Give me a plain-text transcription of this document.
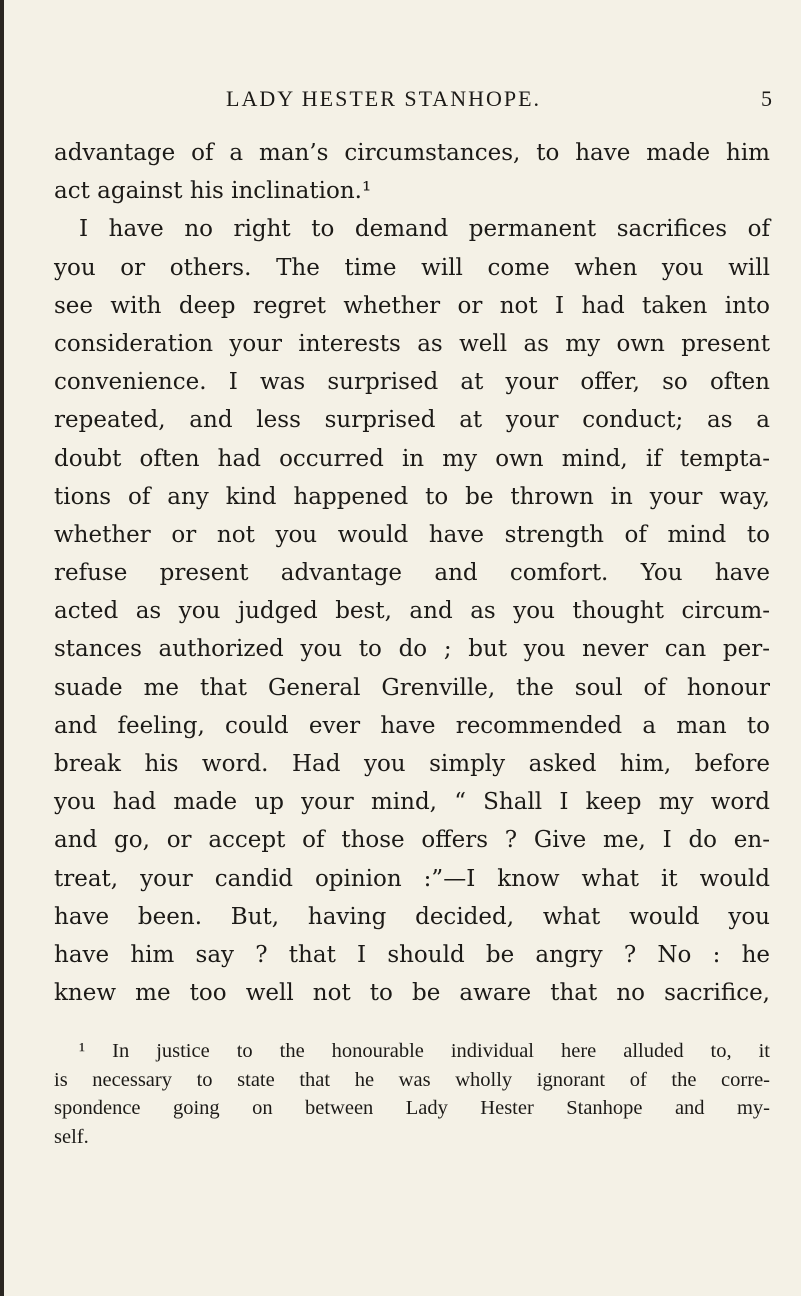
LADY HESTER STANHOPE.	5
advantage of a man’s circumstances, to have made him
act against his inclination.¹
I have no right to demand permanent sacrifices of
you or others. The time will come when you will
see with deep regret whether or not I had taken into
consideration your interests as well as my own present
convenience. I was surprised at your offer, so often
repeated, and less surprised at your conduct; as a
doubt often had occurred in my own mind, if tempta-
tions of any kind happened to be thrown in your way,
whether or not you would have strength of mind to
refuse present advantage and comfort. You have
acted as you judged best, and as you thought circum-
stances authorized you to do ; but you never can per-
suade me that General Grenville, the soul of honour
and feeling, could ever have recommended a man to
break his word. Had you simply asked him, before
you had made up your mind, “ Shall I keep my word
and go, or accept of those offers ? Give me, I do en-
treat, your candid opinion :”—I know what it would
have been. But, having decided, what would you
have him say ? that I should be angry ? No : he
knew me too well not to be aware that no sacrifice,
¹ In justice to the honourable individual here alluded to, it
is necessary to state that he was wholly ignorant of the corre-
spondence going on between Lady Hester Stanhope and my-
self.
